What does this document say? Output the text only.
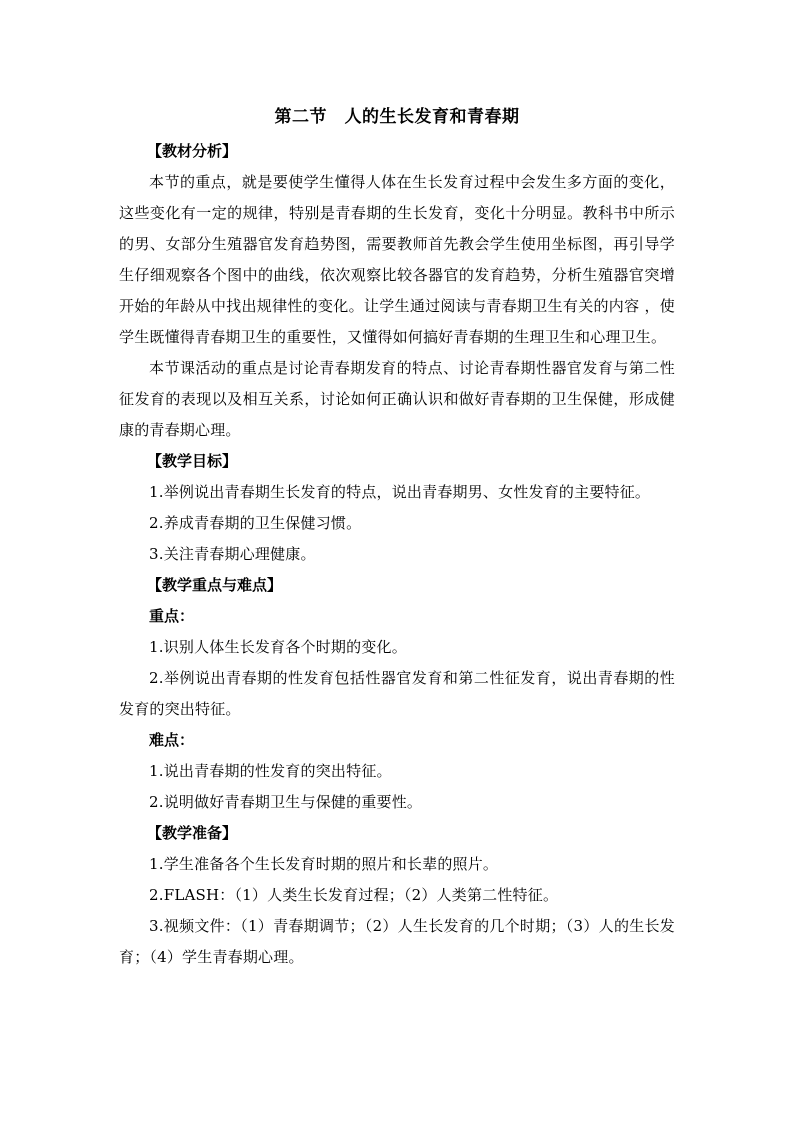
第二节　人的生长发育和青春期
【教材分析】

本节的重点，就是要使学生懂得人体在生长发育过程中会发生多方面的变化，这些变化有一定的规律，特别是青春期的生长发育，变化十分明显。教科书中所示的男、女部分生殖器官发育趋势图，需要教师首先教会学生使用坐标图，再引导学生仔细观察各个图中的曲线，依次观察比较各器官的发育趋势，分析生殖器官突增开始的年龄从中找出规律性的变化。让学生通过阅读与青春期卫生有关的内容 ，使学生既懂得青春期卫生的重要性，又懂得如何搞好青春期的生理卫生和心理卫生。

本节课活动的重点是讨论青春期发育的特点、讨论青春期性器官发育与第二性征发育的表现以及相互关系，讨论如何正确认识和做好青春期的卫生保健，形成健康的青春期心理。

【教学目标】

1.举例说出青春期生长发育的特点，说出青春期男、女性发育的主要特征。

2.养成青春期的卫生保健习惯。

3.关注青春期心理健康。

【教学重点与难点】
重点：

1.识别人体生长发育各个时期的变化。

2.举例说出青春期的性发育包括性器官发育和第二性征发育，说出青春期的性发育的突出特征。

难点：

1.说出青春期的性发育的突出特征。

2.说明做好青春期卫生与保健的重要性。

【教学准备】

1.学生准备各个生长发育时期的照片和长辈的照片。

2.FLASH：（1）人类生长发育过程；（2）人类第二性特征。

3.视频文件：（1）青春期调节；（2）人生长发育的几个时期；（3）人的生长发育；（4）学生青春期心理。
